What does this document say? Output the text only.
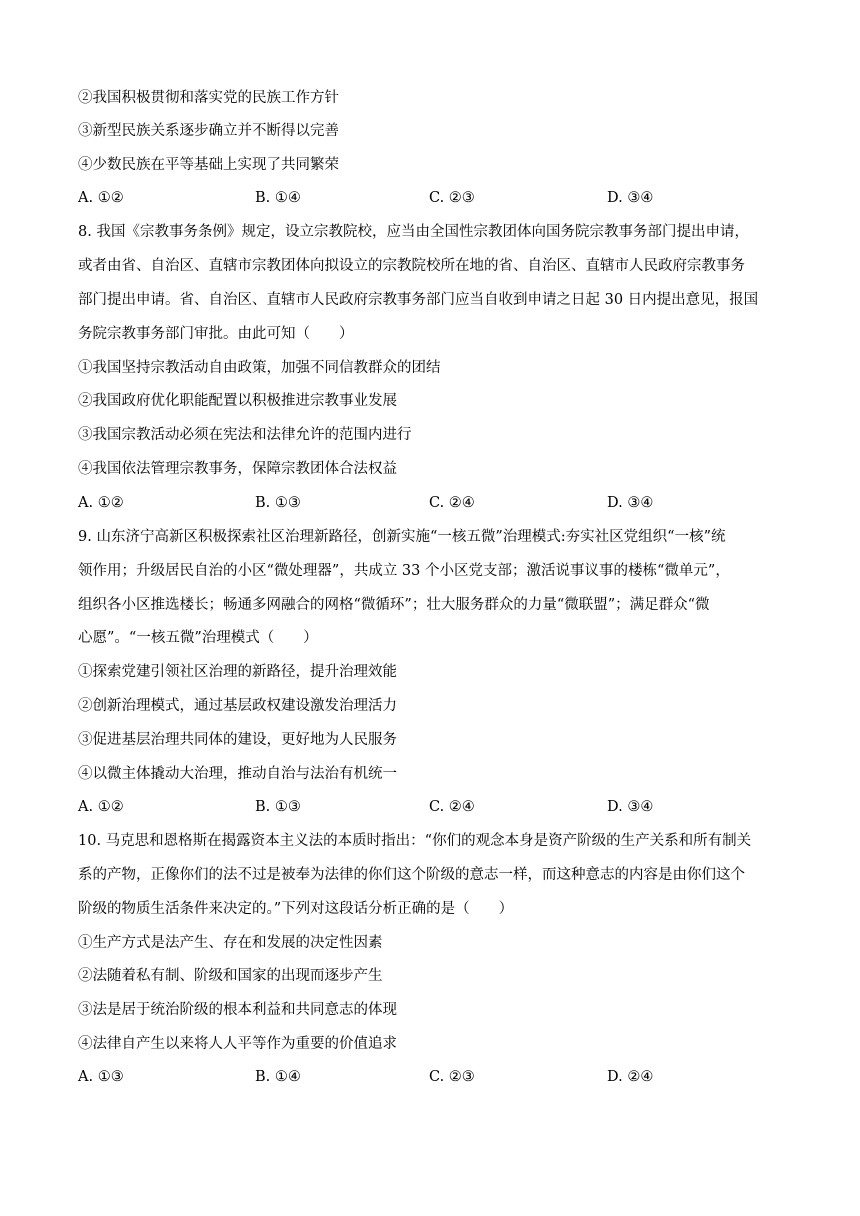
②我国积极贯彻和落实党的民族工作方针
③新型民族关系逐步确立并不断得以完善
④少数民族在平等基础上实现了共同繁荣
A. ①②	B. ①④	C. ②③	D. ③④
8. 我国《宗教事务条例》规定，设立宗教院校，应当由全国性宗教团体向国务院宗教事务部门提出申请，
或者由省、自治区、直辖市宗教团体向拟设立的宗教院校所在地的省、自治区、直辖市人民政府宗教事务
部门提出申请。省、自治区、直辖市人民政府宗教事务部门应当自收到申请之日起 30 日内提出意见，报国
务院宗教事务部门审批。由此可知（　　）
①我国坚持宗教活动自由政策，加强不同信教群众的团结
②我国政府优化职能配置以积极推进宗教事业发展
③我国宗教活动必须在宪法和法律允许的范围内进行
④我国依法管理宗教事务，保障宗教团体合法权益
A. ①②	B. ①③	C. ②④	D. ③④
9. 山东济宁高新区积极探索社区治理新路径，创新实施“一核五微”治理模式:夯实社区党组织“一核”统
领作用；升级居民自治的小区“微处理器”，共成立 33 个小区党支部；激活说事议事的楼栋“微单元”，
组织各小区推选楼长；畅通多网融合的网格“微循环”；壮大服务群众的力量“微联盟”；满足群众“微
心愿”。“一核五微”治理模式（　　）
①探索党建引领社区治理的新路径，提升治理效能
②创新治理模式，通过基层政权建设激发治理活力
③促进基层治理共同体的建设，更好地为人民服务
④以微主体撬动大治理，推动自治与法治有机统一
A. ①②	B. ①③	C. ②④	D. ③④
10. 马克思和恩格斯在揭露资本主义法的本质时指出：“你们的观念本身是资产阶级的生产关系和所有制关
系的产物，正像你们的法不过是被奉为法律的你们这个阶级的意志一样，而这种意志的内容是由你们这个
阶级的物质生活条件来决定的。”下列对这段话分析正确的是（　　）
①生产方式是法产生、存在和发展的决定性因素
②法随着私有制、阶级和国家的出现而逐步产生
③法是居于统治阶级的根本利益和共同意志的体现
④法律自产生以来将人人平等作为重要的价值追求
A. ①③	B. ①④	C. ②③	D. ②④
